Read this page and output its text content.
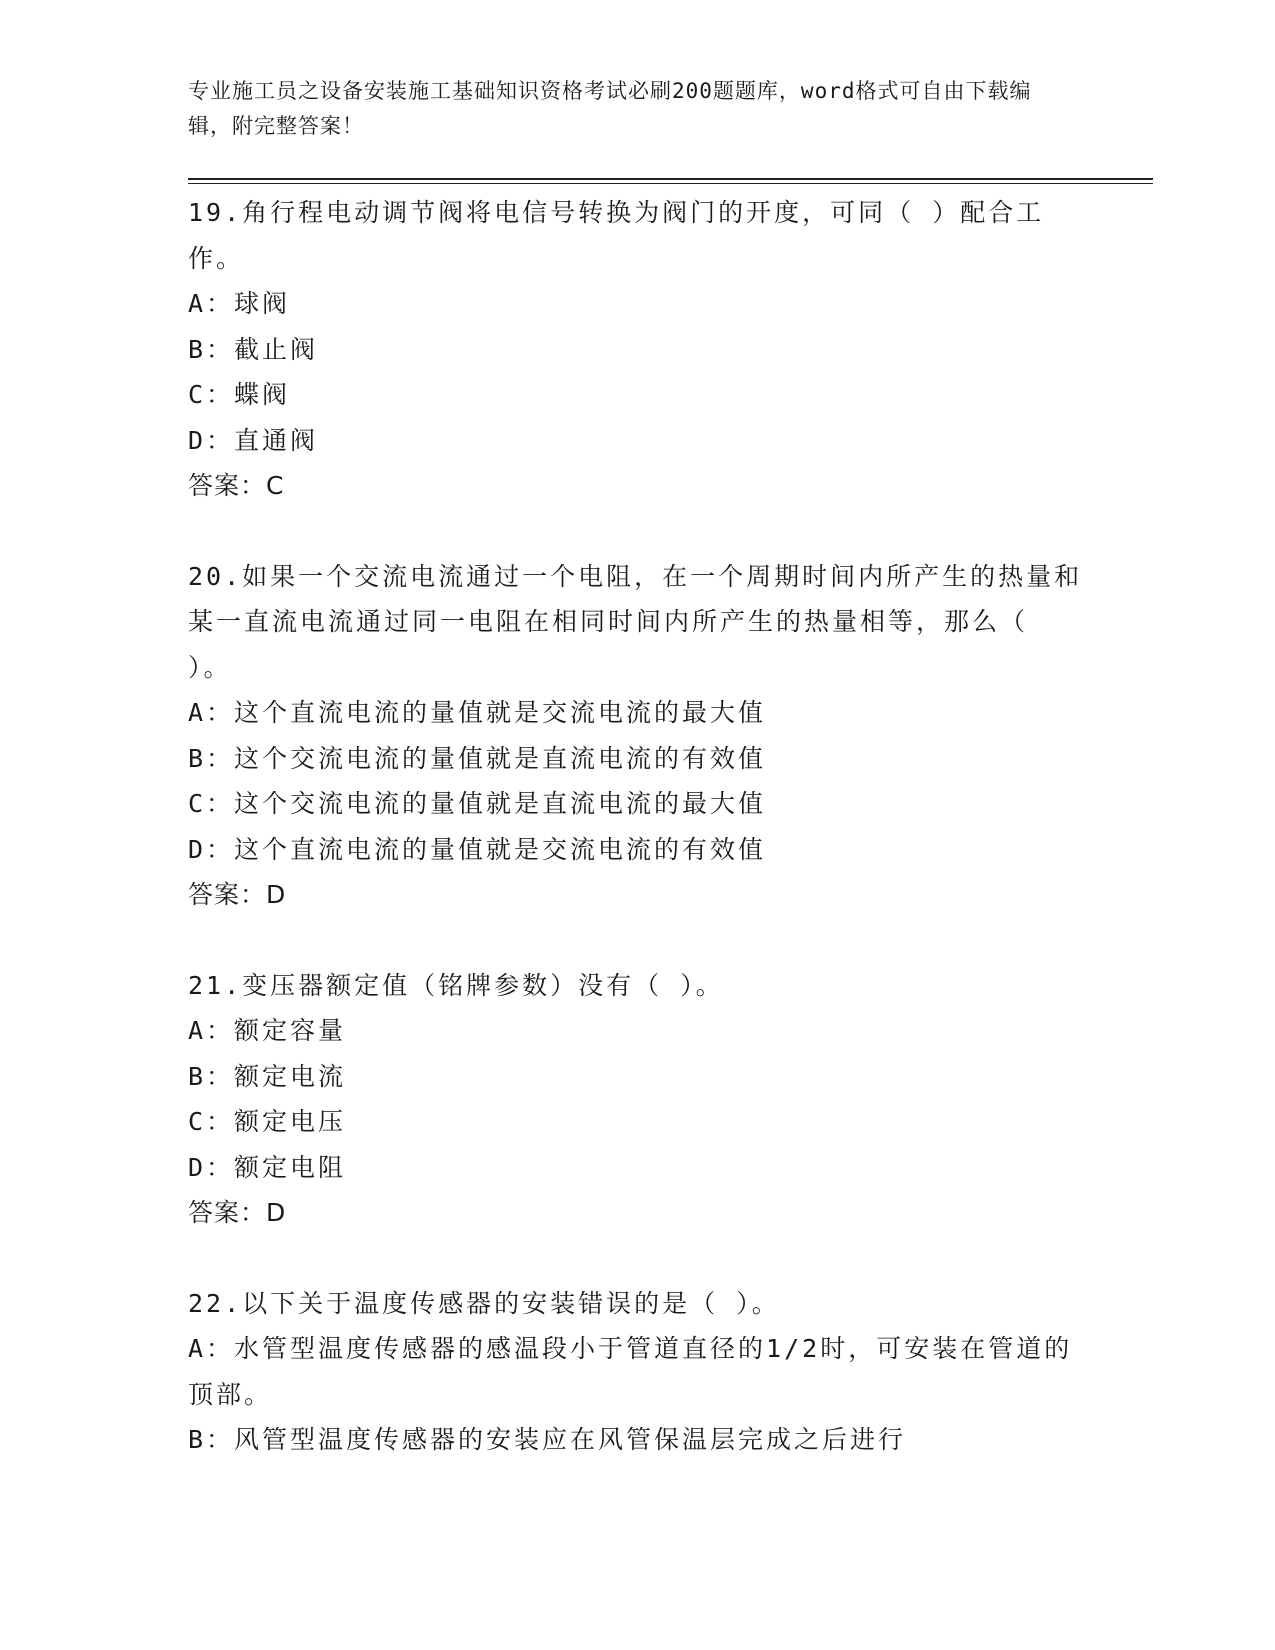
专业施工员之设备安装施工基础知识资格考试必刷200题题库，word格式可自由下载编辑，附完整答案！
19.角行程电动调节阀将电信号转换为阀门的开度，可同（ ）配合工作。
A：球阀
B：截止阀
C：蝶阀
D：直通阀
答案：C
20.如果一个交流电流通过一个电阻，在一个周期时间内所产生的热量和某一直流电流通过同一电阻在相同时间内所产生的热量相等，那么（ ）。
A：这个直流电流的量值就是交流电流的最大值
B：这个交流电流的量值就是直流电流的有效值
C：这个交流电流的量值就是直流电流的最大值
D：这个直流电流的量值就是交流电流的有效值
答案：D
21.变压器额定值（铭牌参数）没有（ ）。
A：额定容量
B：额定电流
C：额定电压
D：额定电阻
答案：D
22.以下关于温度传感器的安装错误的是（ ）。
A：水管型温度传感器的感温段小于管道直径的1/2时，可安装在管道的顶部。
B：风管型温度传感器的安装应在风管保温层完成之后进行
